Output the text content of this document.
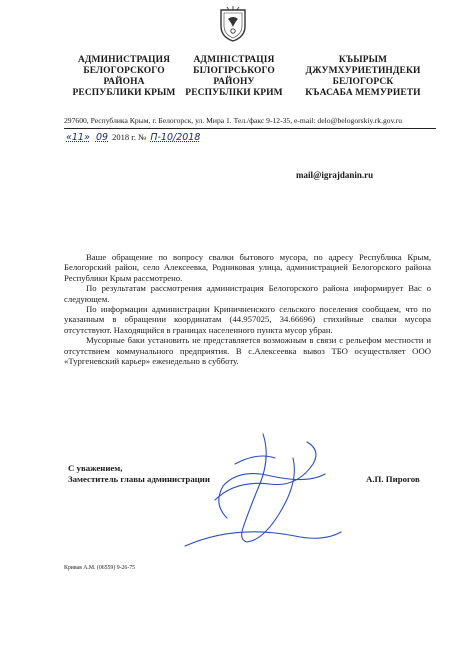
АДМИНИСТРАЦИЯ
БЕЛОГОРСКОГО
РАЙОНА
РЕСПУБЛИКИ КРЫМ
АДМІНІСТРАЦІЯ
БІЛОГІРСЬКОГО
РАЙОНУ
РЕСПУБЛІКИ КРИМ
КЪЫРЫМ
ДЖУМХУРИЕТИНДЕКИ
БЕЛОГОРСК
КЪАСАБА МЕМУРИЕТИ
297600, Республика Крым, г. Белогорск, ул. Мира 1. Тел./факс 9-12-35, e-mail: delo@belogorskiy.rk.gov.ru
«11» 09 2018 г. № П-10/2018
mail@igrajdanin.ru

Ваше обращение по вопросу свалки бытового мусора, по адресу Республика Крым, Белогорский район, село Алексеевка, Родниковая улица, администрацией Белогорского района Республики Крым рассмотрено.

По результатам рассмотрения администрация Белогорского района информирует Вас о следующем.

По информации администрации Криничненского сельского поселения сообщаем, что по указанным в обращении координатам (44.957025, 34.66696) стихийные свалки мусора отсутствуют. Находящийся в границах населенного пункта мусор убран.

Мусорные баки установить не представляется возможным в связи с рельефом местности и отсутствием коммунального предприятия. В с.Алексеевка вывоз ТБО осуществляет ООО «Тургеневский карьер» еженедельно в субботу.

С уважением,
Заместитель главы администрации	А.П. Пирогов
Кривая А.М. (06559) 9-26-75
